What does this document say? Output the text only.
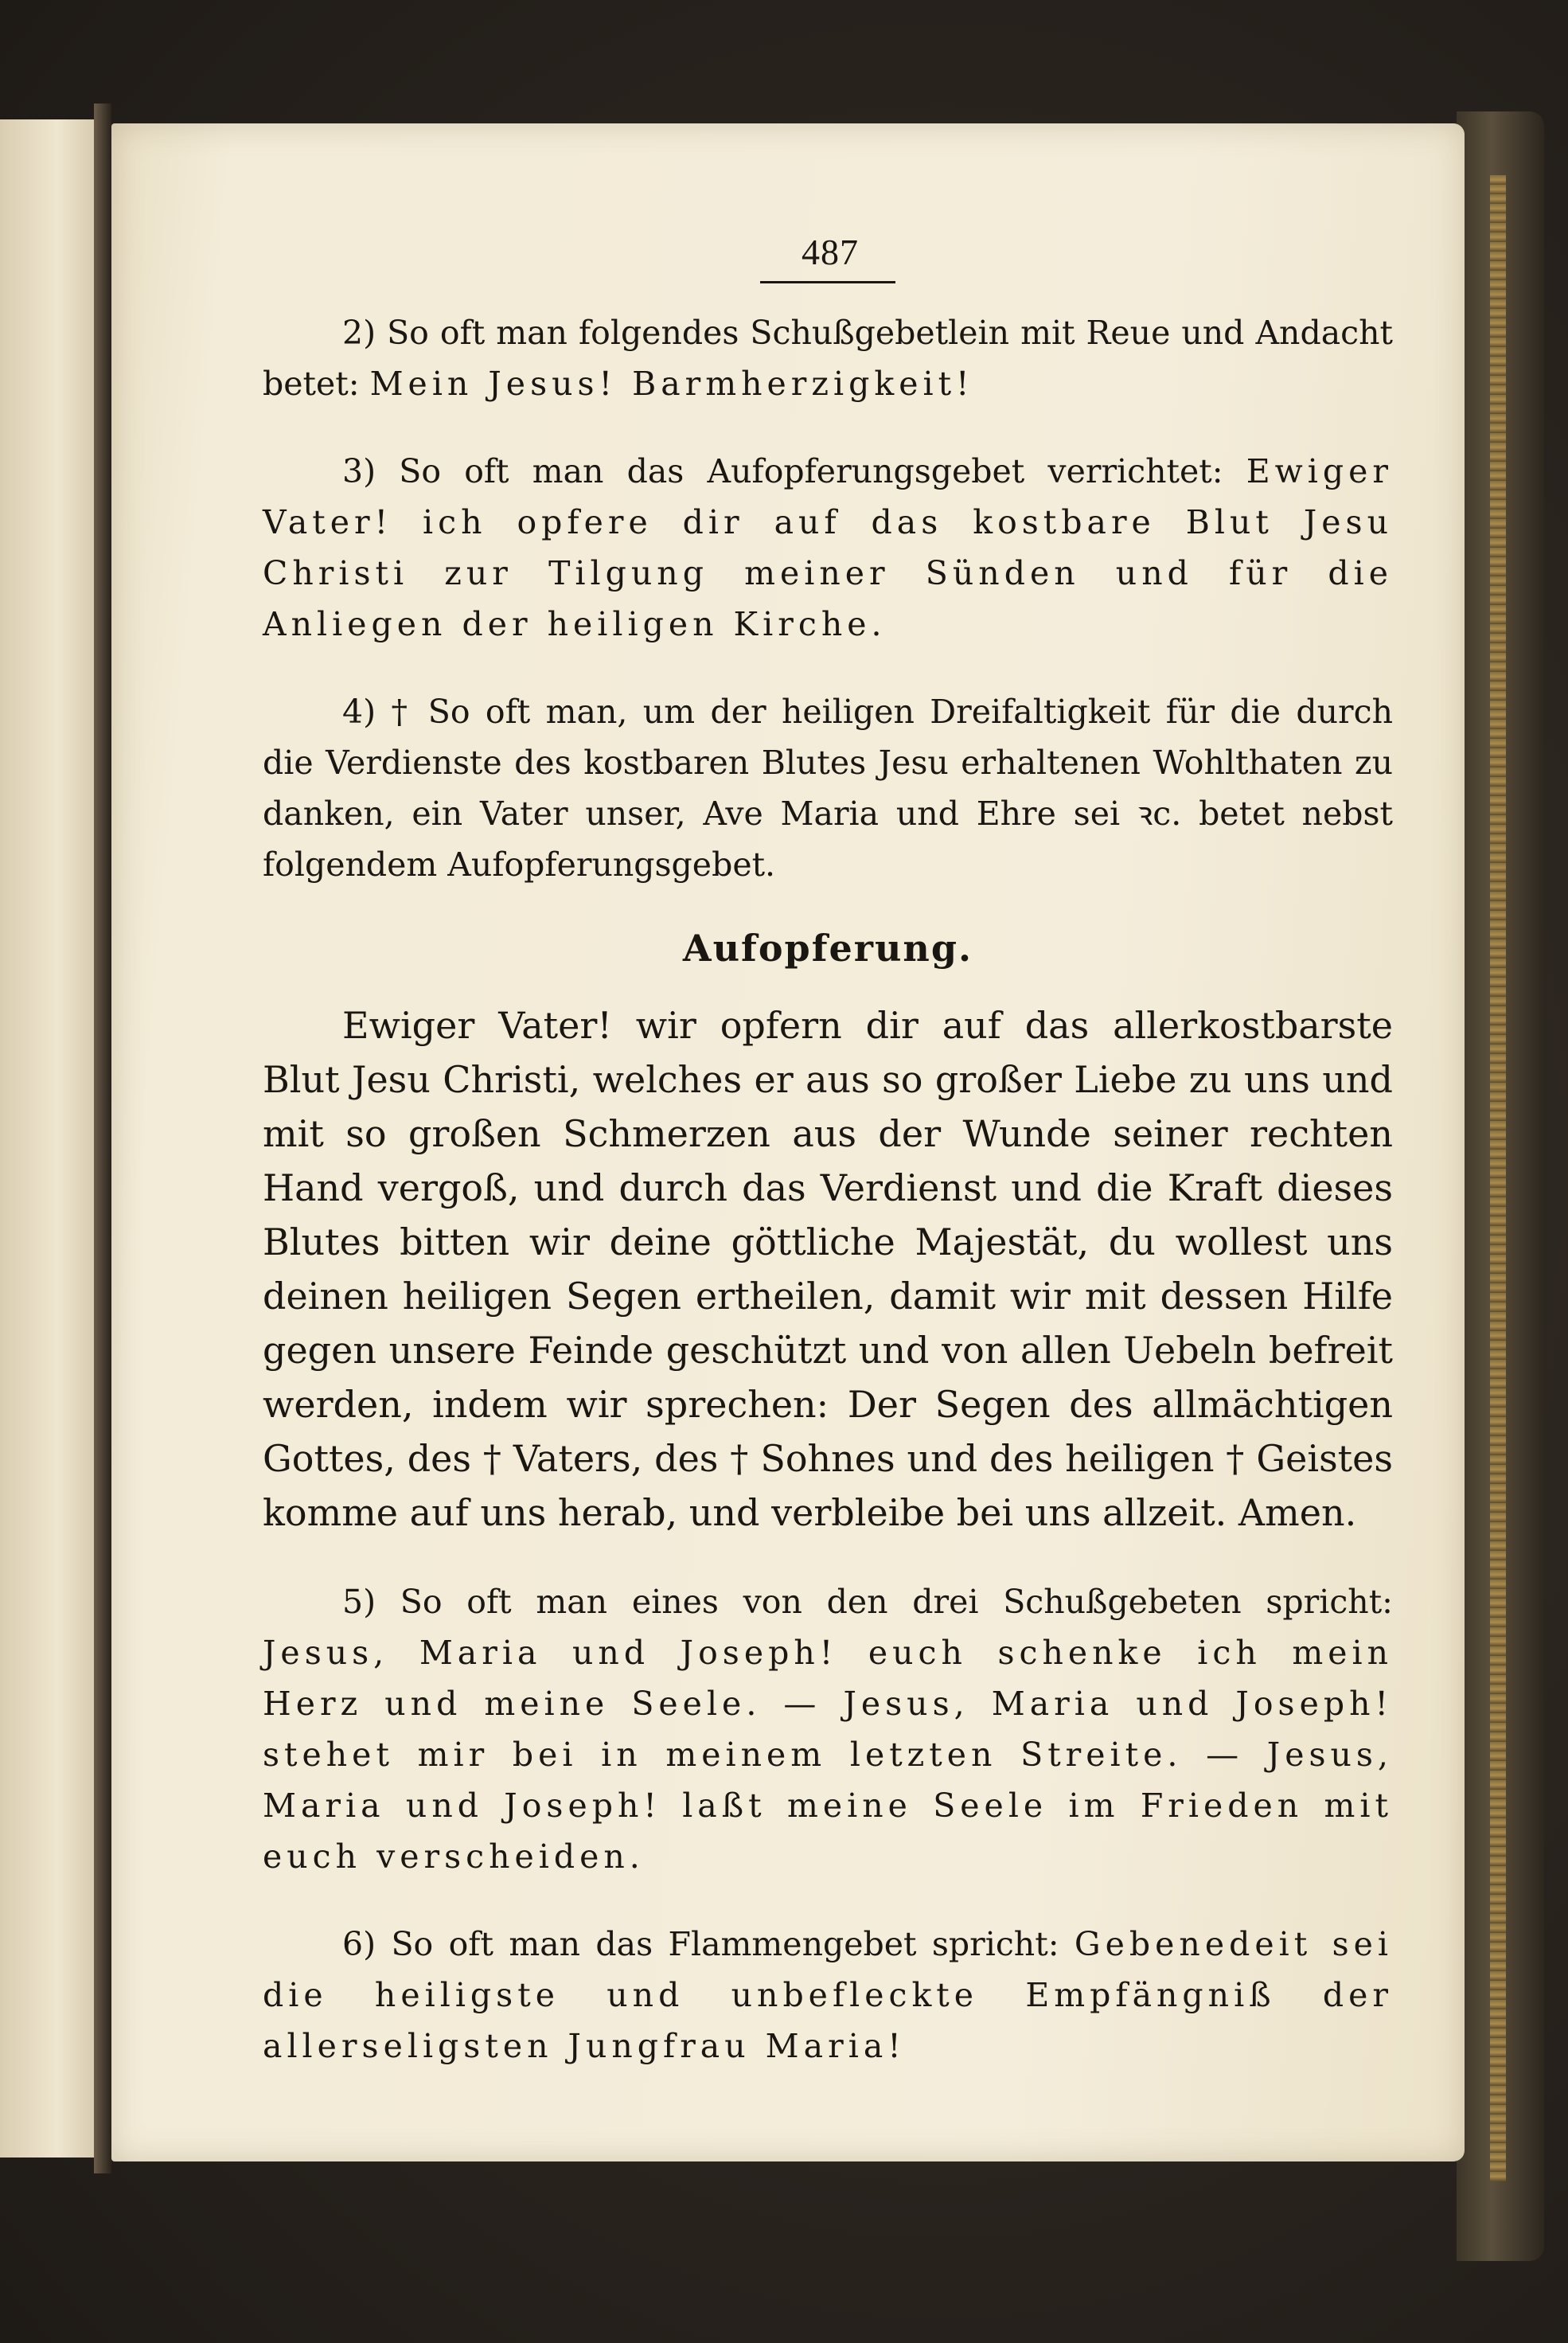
487

2) So oft man folgendes Schußgebetlein mit Reue und Andacht betet: Mein Jesus! Barmherzigkeit!

3) So oft man das Aufopferungsgebet verrichtet: Ewiger Vater! ich opfere dir auf das kostbare Blut Jesu Christi zur Tilgung meiner Sünden und für die Anliegen der heiligen Kirche.

4) † So oft man, um der heiligen Dreifaltigkeit für die durch die Verdienste des kostbaren Blutes Jesu erhaltenen Wohlthaten zu danken, ein Vater unser, Ave Maria und Ehre sei ꝛc. betet nebst folgendem Aufopferungsgebet.

Aufopferung.

Ewiger Vater! wir opfern dir auf das allerkostbarste Blut Jesu Christi, welches er aus so großer Liebe zu uns und mit so großen Schmerzen aus der Wunde seiner rechten Hand vergoß, und durch das Verdienst und die Kraft dieses Blutes bitten wir deine göttliche Majestät, du wollest uns deinen heiligen Segen ertheilen, damit wir mit dessen Hilfe gegen unsere Feinde geschützt und von allen Uebeln befreit werden, indem wir sprechen: Der Segen des allmächtigen Gottes, des † Vaters, des † Sohnes und des heiligen † Geistes komme auf uns herab, und verbleibe bei uns allzeit. Amen.

5) So oft man eines von den drei Schußgebeten spricht: Jesus, Maria und Joseph! euch schenke ich mein Herz und meine Seele. — Jesus, Maria und Joseph! stehet mir bei in meinem letzten Streite. — Jesus, Maria und Joseph! laßt meine Seele im Frieden mit euch verscheiden.

6) So oft man das Flammengebet spricht: Gebenedeit sei die heiligste und unbefleckte Empfängniß der allerseligsten Jungfrau Maria!
